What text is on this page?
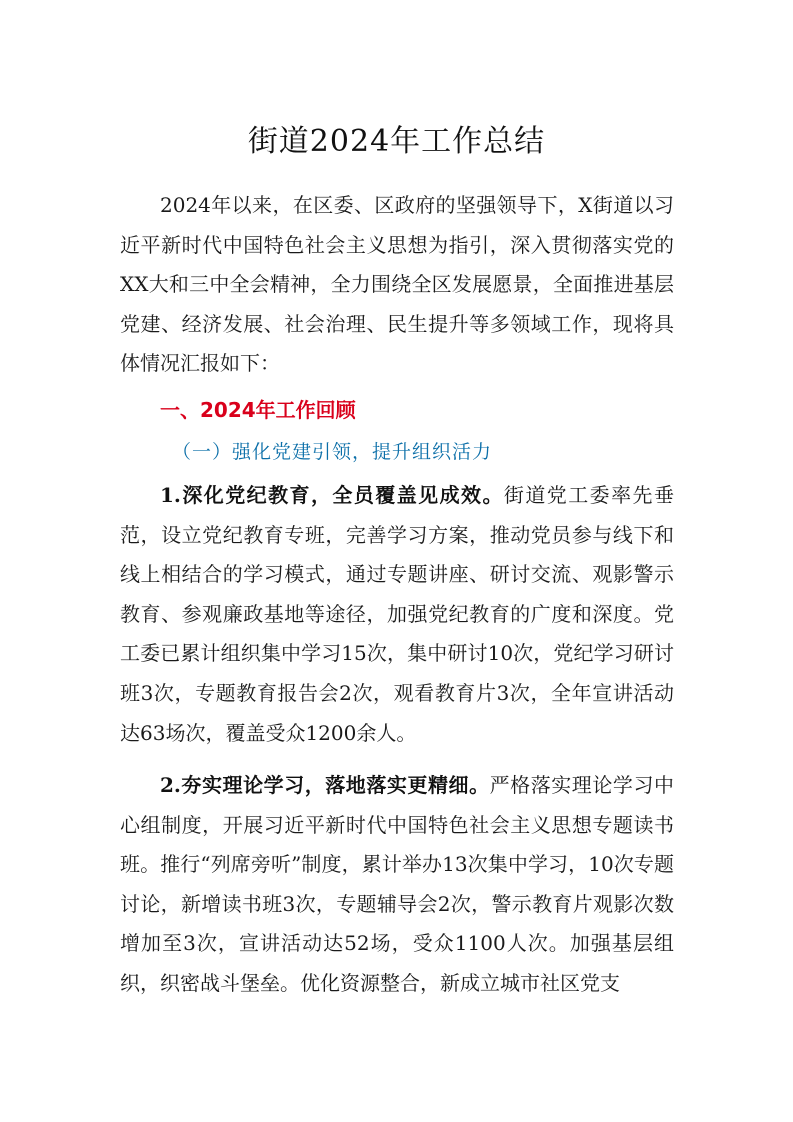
街道2024年工作总结

2024年以来，在区委、区政府的坚强领导下，X街道以习近平新时代中国特色社会主义思想为指引，深入贯彻落实党的XX大和三中全会精神，全力围绕全区发展愿景，全面推进基层党建、经济发展、社会治理、民生提升等多领域工作，现将具体情况汇报如下：

一、2024年工作回顾
（一）强化党建引领，提升组织活力

1.深化党纪教育，全员覆盖见成效。街道党工委率先垂范，设立党纪教育专班，完善学习方案，推动党员参与线下和线上相结合的学习模式，通过专题讲座、研讨交流、观影警示教育、参观廉政基地等途径，加强党纪教育的广度和深度。党工委已累计组织集中学习15次，集中研讨10次，党纪学习研讨班3次，专题教育报告会2次，观看教育片3次，全年宣讲活动达63场次，覆盖受众1200余人。

2.夯实理论学习，落地落实更精细。严格落实理论学习中心组制度，开展习近平新时代中国特色社会主义思想专题读书班。推行“列席旁听”制度，累计举办13次集中学习，10次专题讨论，新增读书班3次，专题辅导会2次，警示教育片观影次数增加至3次，宣讲活动达52场，受众1100人次。加强基层组织，织密战斗堡垒。优化资源整合，新成立城市社区党支
